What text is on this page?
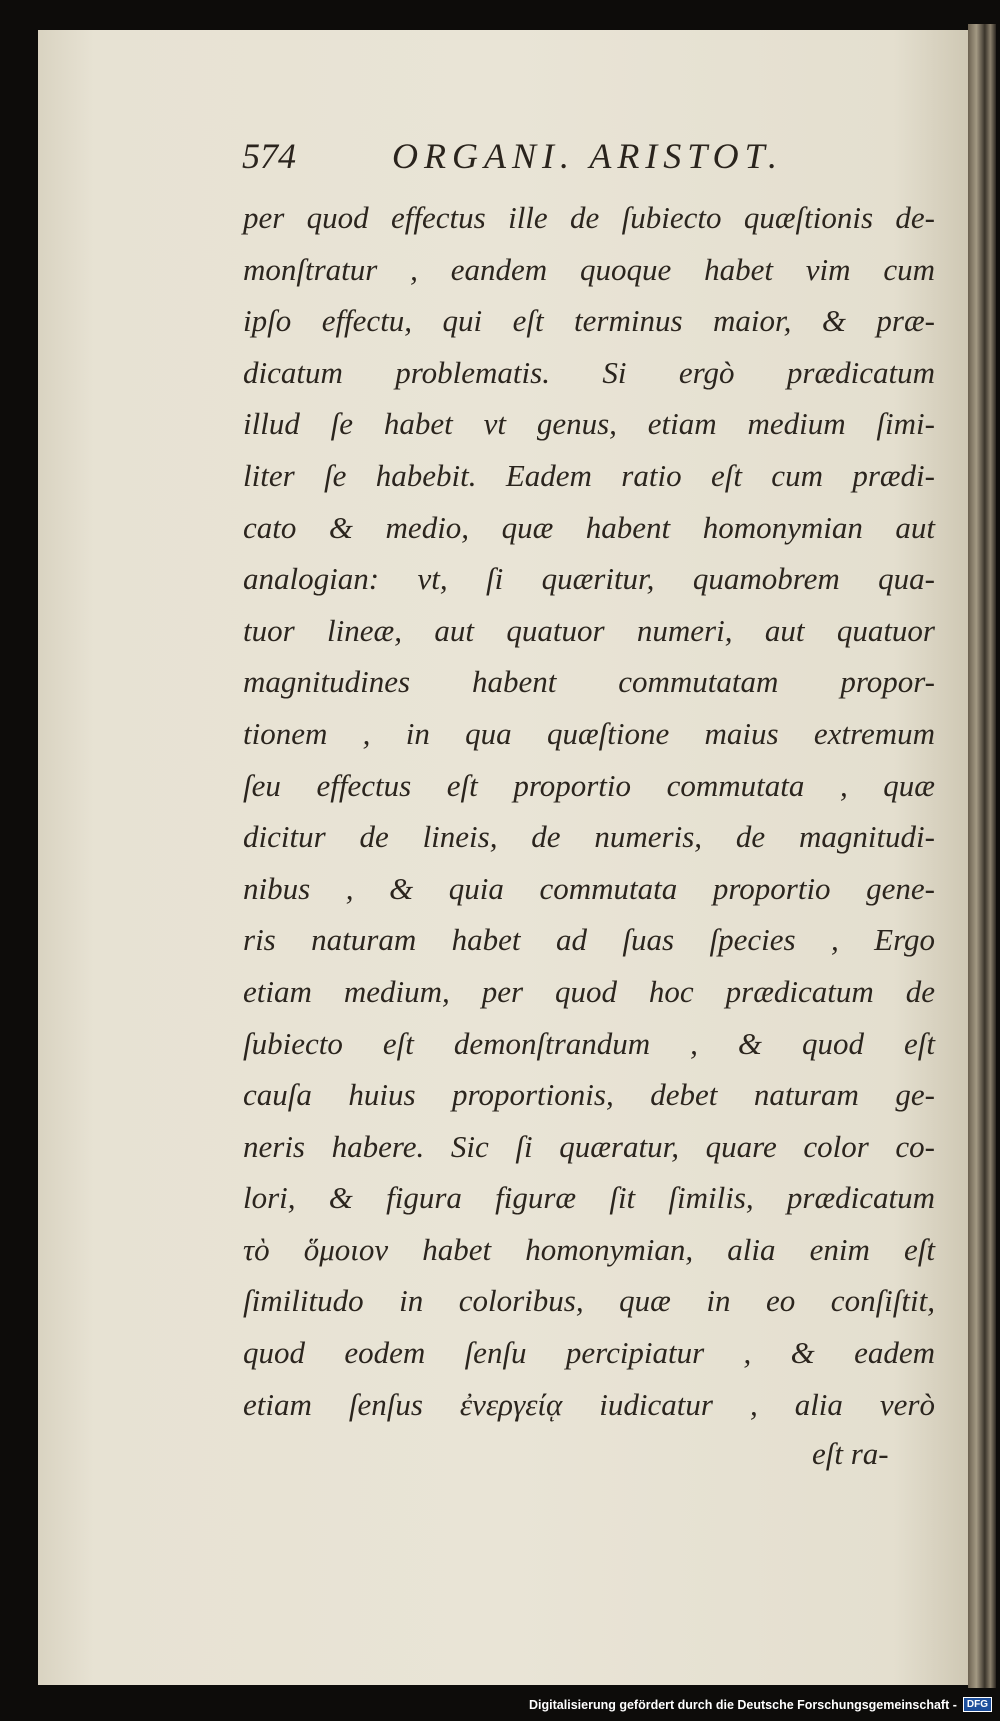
574	ORGANI. ARISTOT.
per quod effectus ille de ſubiecto quæſtionis de-
monſtratur , eandem quoque habet vim cum
ipſo effectu, qui eſt terminus maior, & præ-
dicatum problematis. Si ergò prædicatum
illud ſe habet vt genus, etiam medium ſimi-
liter ſe habebit. Eadem ratio eſt cum prædi-
cato & medio, quæ habent homonymian aut
analogian: vt, ſi quæritur, quamobrem qua-
tuor lineæ, aut quatuor numeri, aut quatuor
magnitudines habent commutatam propor-
tionem , in qua quæſtione maius extremum
ſeu effectus eſt proportio commutata , quæ
dicitur de lineis, de numeris, de magnitudi-
nibus , & quia commutata proportio gene-
ris naturam habet ad ſuas ſpecies , Ergo
etiam medium, per quod hoc prædicatum de
ſubiecto eſt demonſtrandum , & quod eſt
cauſa huius proportionis, debet naturam ge-
neris habere. Sic ſi quæratur, quare color co-
lori, & figura figuræ ſit ſimilis, prædicatum
τὸ ὅμοιον habet homonymian, alia enim eſt
ſimilitudo in coloribus, quæ in eo conſiſtit,
quod eodem ſenſu percipiatur , & eadem
etiam ſenſus ἐνεργείᾳ iudicatur , alia verò
eſt ra-
Digitalisierung gefördert durch die Deutsche Forschungsgemeinschaft -	DFG
